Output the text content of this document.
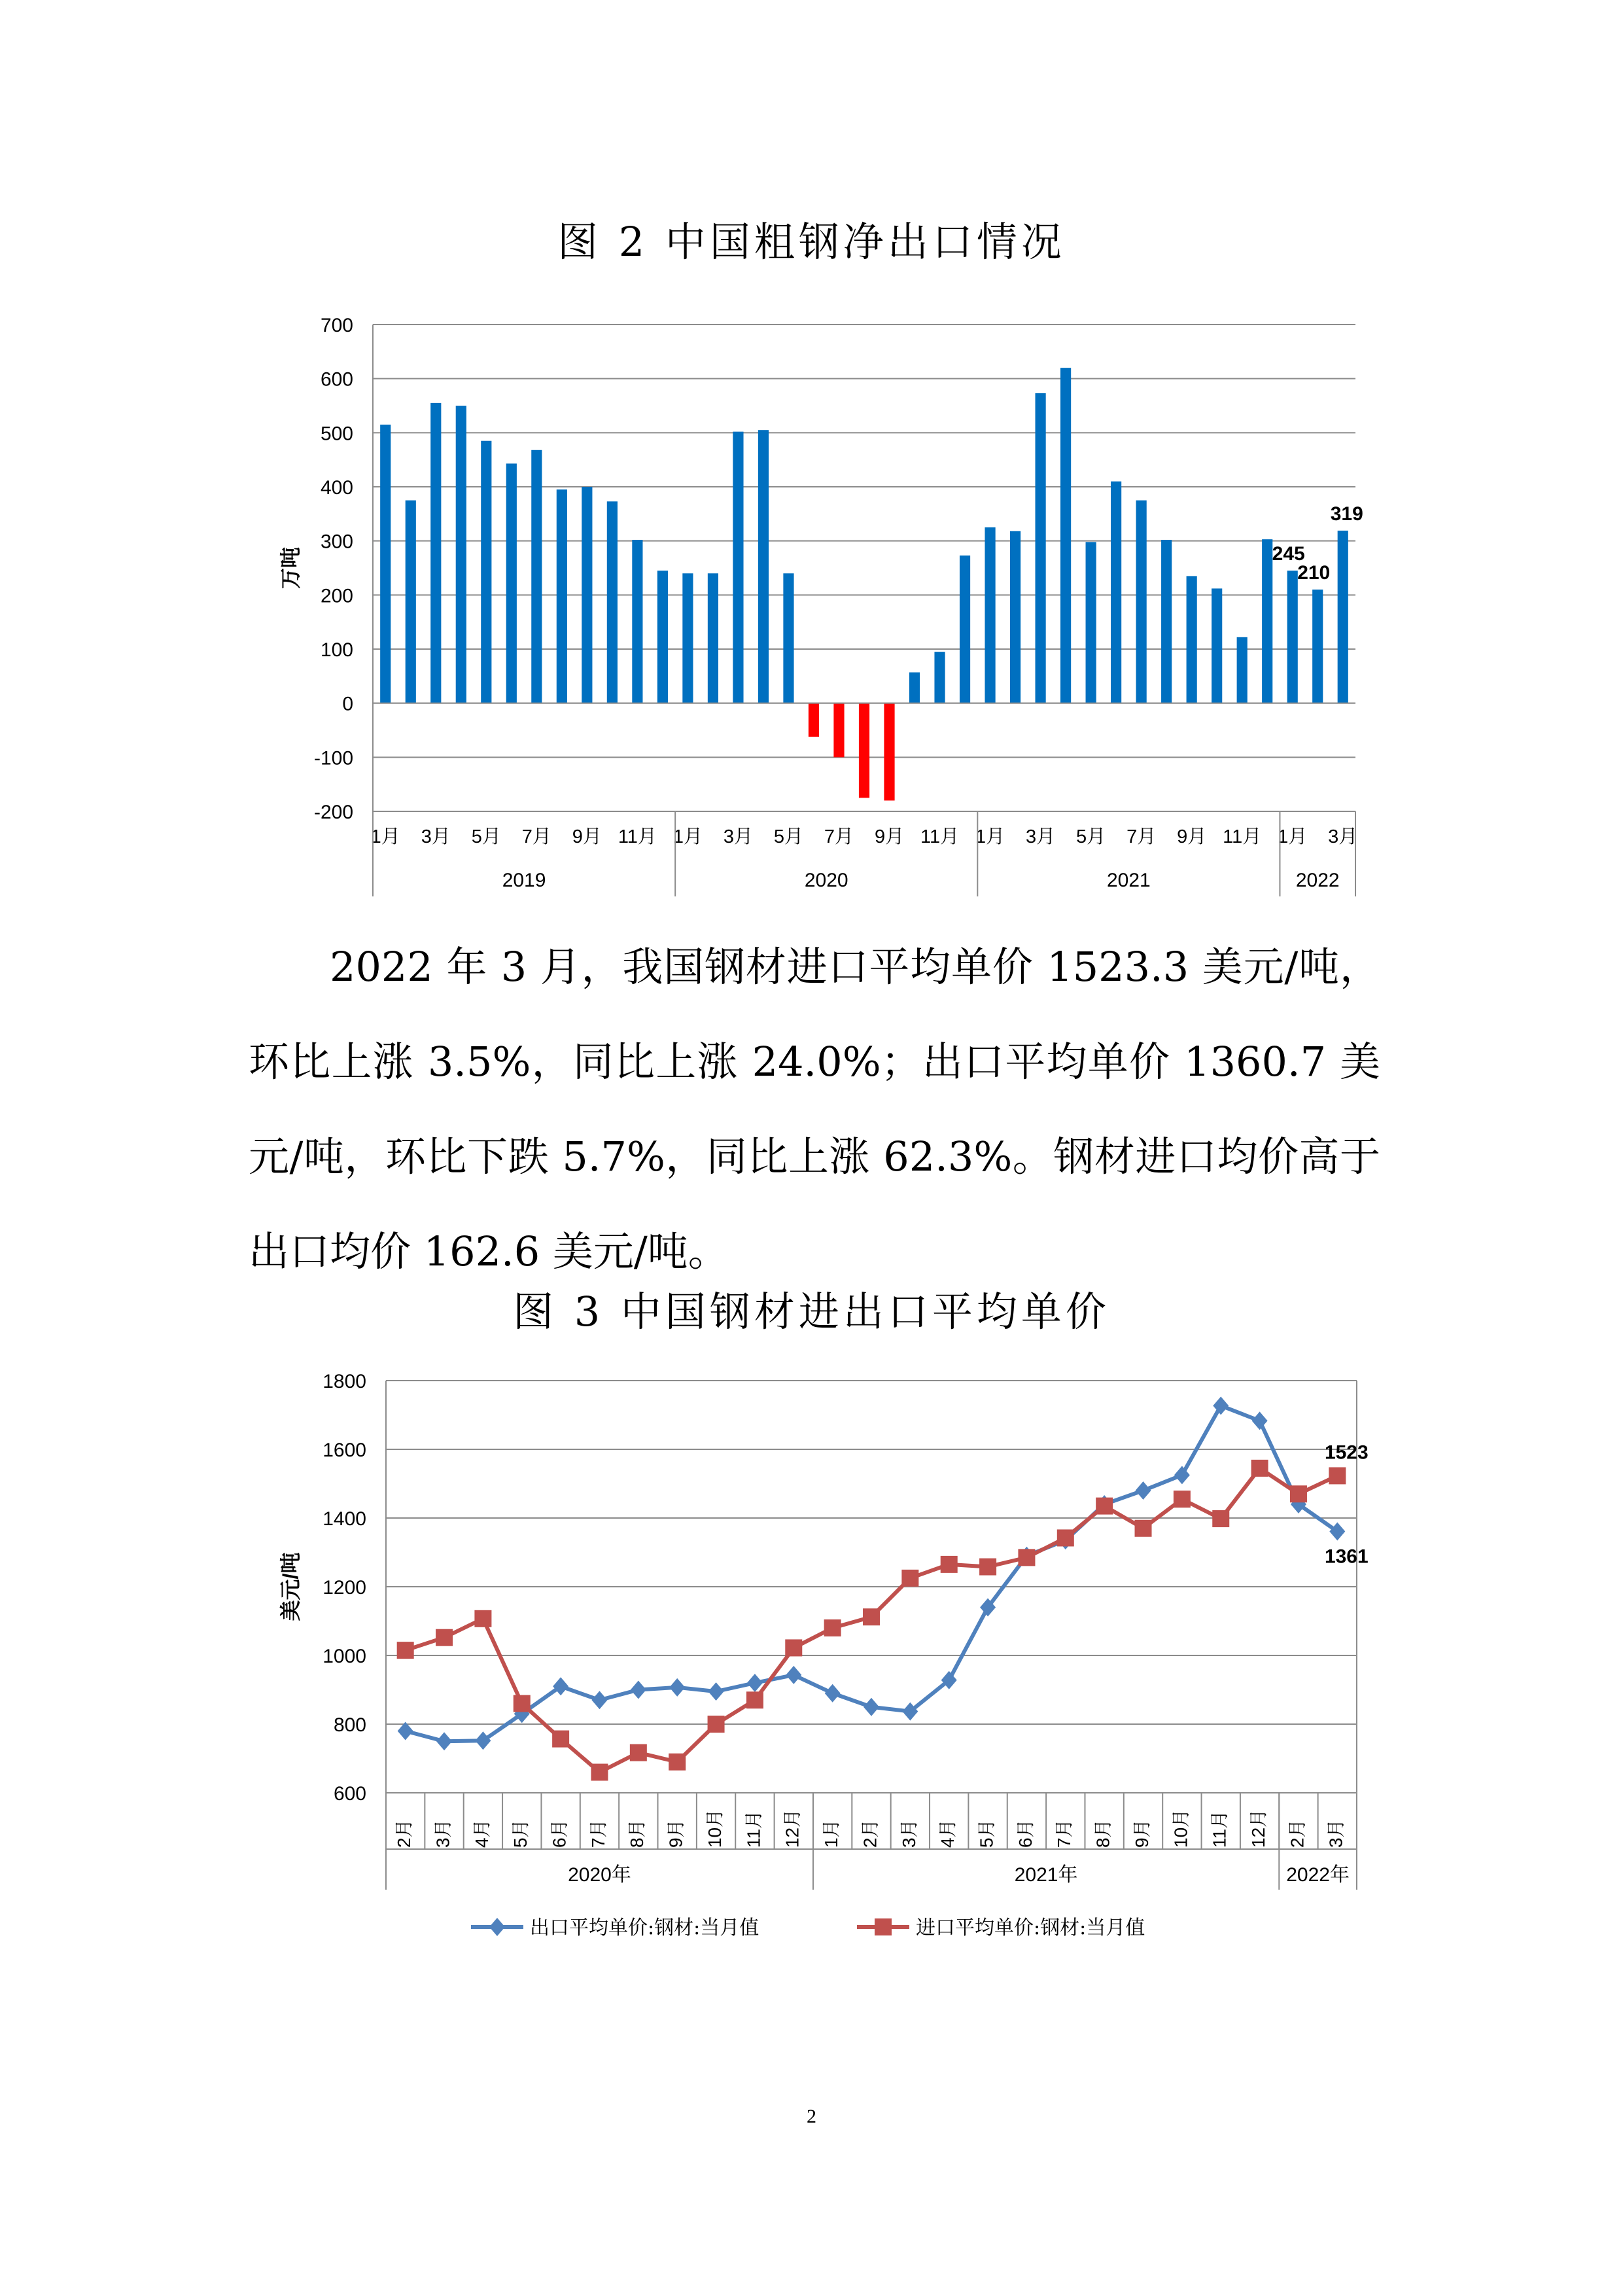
图 2 中国粗钢净出口情况
-200
-100
0
100
200
300
400
500
600
700
万吨
1月 3月 5月 7月 9月 11月 1月 3月 5月 7月 9月 11月 1月 3月 5月 7月 9月 11月 1月 3月
2019	2020	2021	2022
245
210
319
2022 年 3 月，我国钢材进口平均单价 1523.3 美元/吨，环比上涨 3.5%，同比上涨 24.0%；出口平均单价 1360.7 美元/吨，环比下跌 5.7%，同比上涨 62.3%。钢材进口均价高于出口均价 162.6 美元/吨。
图 3 中国钢材进出口平均单价
600
800
1000
1200
1400
1600
1800
美元/吨
2月 3月 4月 5月 6月 7月 8月 9月 10月 11月 12月 1月 2月 3月 4月 5月 6月 7月 8月 9月 10月 11月 12月 2月 3月
2020年	2021年	2022年
1523
1361
出口平均单价:钢材:当月值	进口平均单价:钢材:当月值
2
